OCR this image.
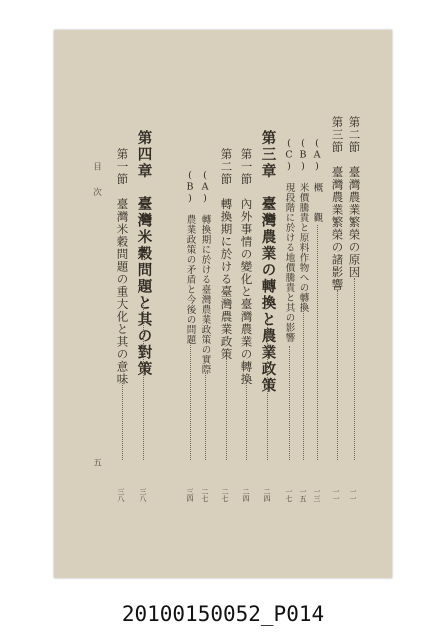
第二節　臺灣農業繁榮の原因
一一
第三節　臺灣農業繁榮の諸影響
一一
(A)　概　　觀
一三
(B)　米價騰貴と原料作物への轉換
一五
(C)　現段階に於ける地價騰貴と其の影響
一七
第三章　臺灣農業の轉換と農業政策
二四
第一節　內外事情の變化と臺灣農業の轉換
二四
第二節　轉換期に於ける臺灣農業政策
二七
(A)　轉換期に於ける臺灣農業政策の實際
二七
(B)　農業政策の矛盾と今後の問題
三四
第四章　臺灣米穀問題と其の對策
三八
第一節　臺灣米穀問題の重大化と其の意味
三八
目　　次
五
20100150052_P014
